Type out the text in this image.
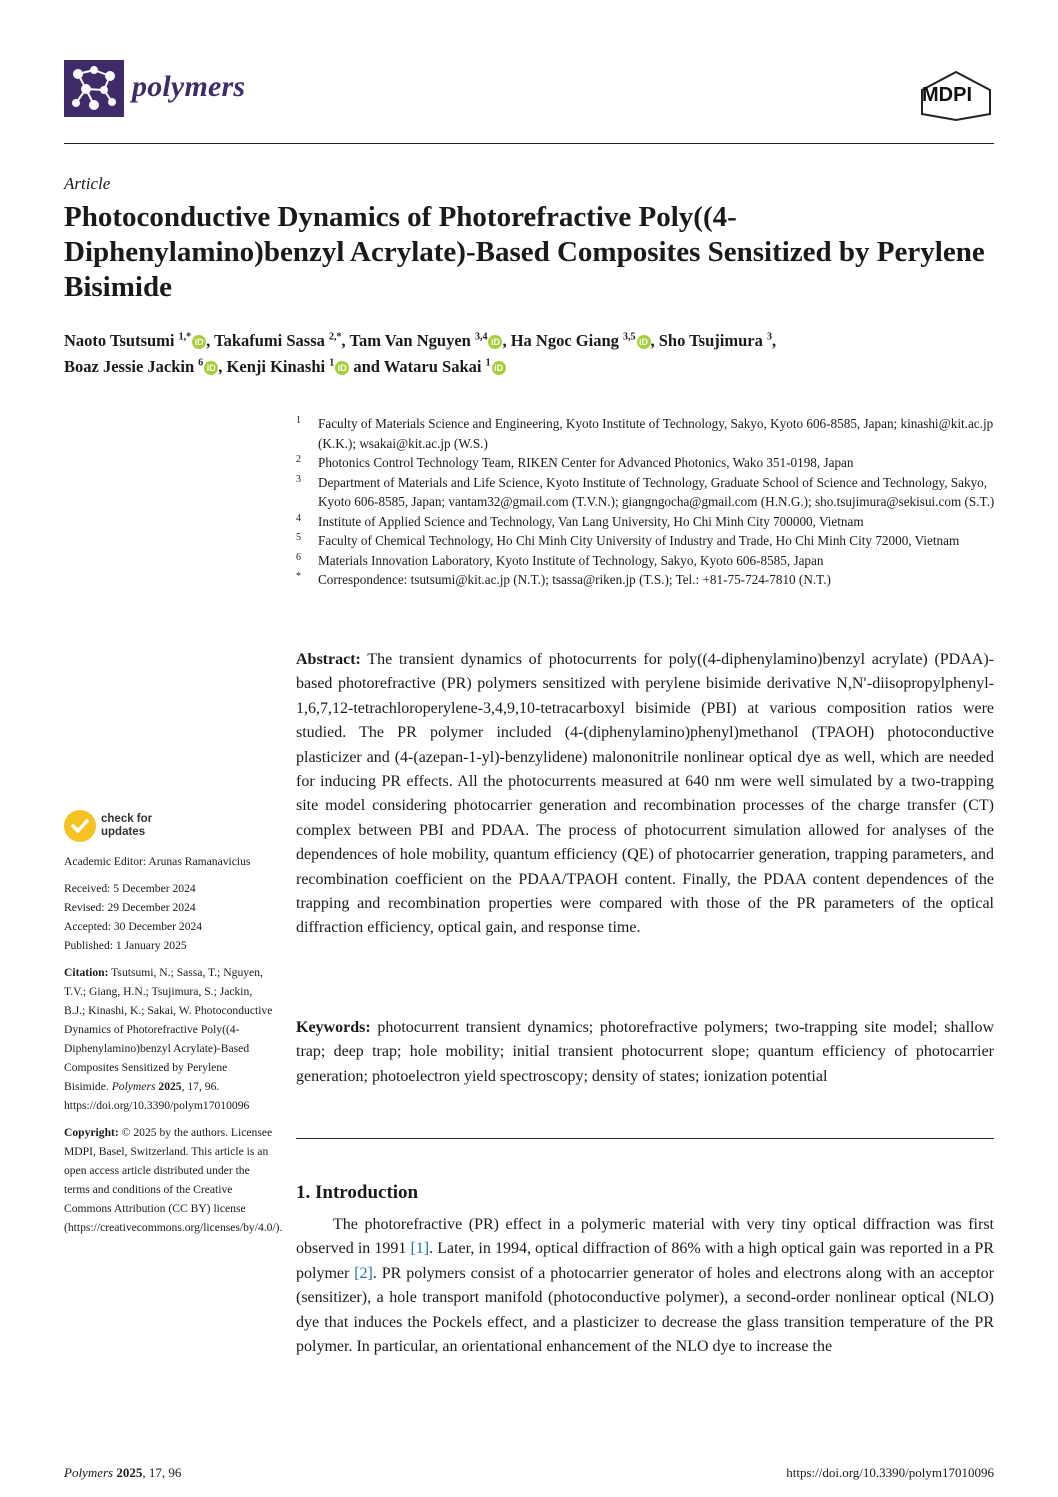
polymers	MDPI
Article
Photoconductive Dynamics of Photorefractive Poly((4-Diphenylamino)benzyl Acrylate)-Based Composites Sensitized by Perylene Bisimide
Naoto Tsutsumi $^{1,*}$ iD , Takafumi Sassa $^{2,*}$, Tam Van Nguyen $^{3,4}$ iD , Ha Ngoc Giang $^{3,5}$ iD , Sho Tsujimura $^3$,
Boaz Jessie Jackin $^6$ iD , Kenji Kinashi $^1$ iD and Wataru Sakai $^1$ iD
1 Faculty of Materials Science and Engineering, Kyoto Institute of Technology, Sakyo, Kyoto 606-8585, Japan; kinashi@kit.ac.jp (K.K.); wsakai@kit.ac.jp (W.S.)
2 Photonics Control Technology Team, RIKEN Center for Advanced Photonics, Wako 351-0198, Japan
3 Department of Materials and Life Science, Kyoto Institute of Technology, Graduate School of Science and Technology, Sakyo, Kyoto 606-8585, Japan; vantam32@gmail.com (T.V.N.); giangngocha@gmail.com (H.N.G.); sho.tsujimura@sekisui.com (S.T.)
4 Institute of Applied Science and Technology, Van Lang University, Ho Chi Minh City 700000, Vietnam
5 Faculty of Chemical Technology, Ho Chi Minh City University of Industry and Trade, Ho Chi Minh City 72000, Vietnam
6 Materials Innovation Laboratory, Kyoto Institute of Technology, Sakyo, Kyoto 606-8585, Japan
* Correspondence: tsutsumi@kit.ac.jp (N.T.); tsassa@riken.jp (T.S.); Tel.: +81-75-724-7810 (N.T.)
Abstract: The transient dynamics of photocurrents for poly((4-diphenylamino)benzyl acrylate) (PDAA)-based photorefractive (PR) polymers sensitized with perylene bisimide derivative N,N′-diisopropylphenyl-1,6,7,12-tetrachloroperylene-3,4,9,10-tetracarboxyl bisimide (PBI) at various composition ratios were studied. The PR polymer included (4-(diphenylamino)phenyl)methanol (TPAOH) photoconductive plasticizer and (4-(azepan-1-yl)-benzylidene) malononitrile nonlinear optical dye as well, which are needed for inducing PR effects. All the photocurrents measured at 640 nm were well simulated by a two-trapping site model considering photocarrier generation and recombination processes of the charge transfer (CT) complex between PBI and PDAA. The process of photocurrent simulation allowed for analyses of the dependences of hole mobility, quantum efficiency (QE) of photocarrier generation, trapping parameters, and recombination coefficient on the PDAA/TPAOH content. Finally, the PDAA content dependences of the trapping and recombination properties were compared with those of the PR parameters of the optical diffraction efficiency, optical gain, and response time.
Keywords: photocurrent transient dynamics; photorefractive polymers; two-trapping site model; shallow trap; deep trap; hole mobility; initial transient photocurrent slope; quantum efficiency of photocarrier generation; photoelectron yield spectroscopy; density of states; ionization potential
1. Introduction
The photorefractive (PR) effect in a polymeric material with very tiny optical diffraction was first observed in 1991 [1]. Later, in 1994, optical diffraction of 86% with a high optical gain was reported in a PR polymer [2]. PR polymers consist of a photocarrier generator of holes and electrons along with an acceptor (sensitizer), a hole transport manifold (photoconductive polymer), a second-order nonlinear optical (NLO) dye that induces the Pockels effect, and a plasticizer to decrease the glass transition temperature of the PR polymer. In particular, an orientational enhancement of the NLO dye to increase the
check for
updates
Academic Editor: Arunas Ramanavicius
Received: 5 December 2024
Revised: 29 December 2024
Accepted: 30 December 2024
Published: 1 January 2025
Citation: Tsutsumi, N.; Sassa, T.; Nguyen, T.V.; Giang, H.N.; Tsujimura, S.; Jackin, B.J.; Kinashi, K.; Sakai, W. Photoconductive Dynamics of Photorefractive Poly((4-Diphenylamino)benzyl Acrylate)-Based Composites Sensitized by Perylene Bisimide. Polymers 2025, 17, 96. https://doi.org/10.3390/polym17010096
Copyright: © 2025 by the authors. Licensee MDPI, Basel, Switzerland. This article is an open access article distributed under the terms and conditions of the Creative Commons Attribution (CC BY) license (https://creativecommons.org/licenses/by/4.0/).
Polymers 2025, 17, 96	https://doi.org/10.3390/polym17010096
